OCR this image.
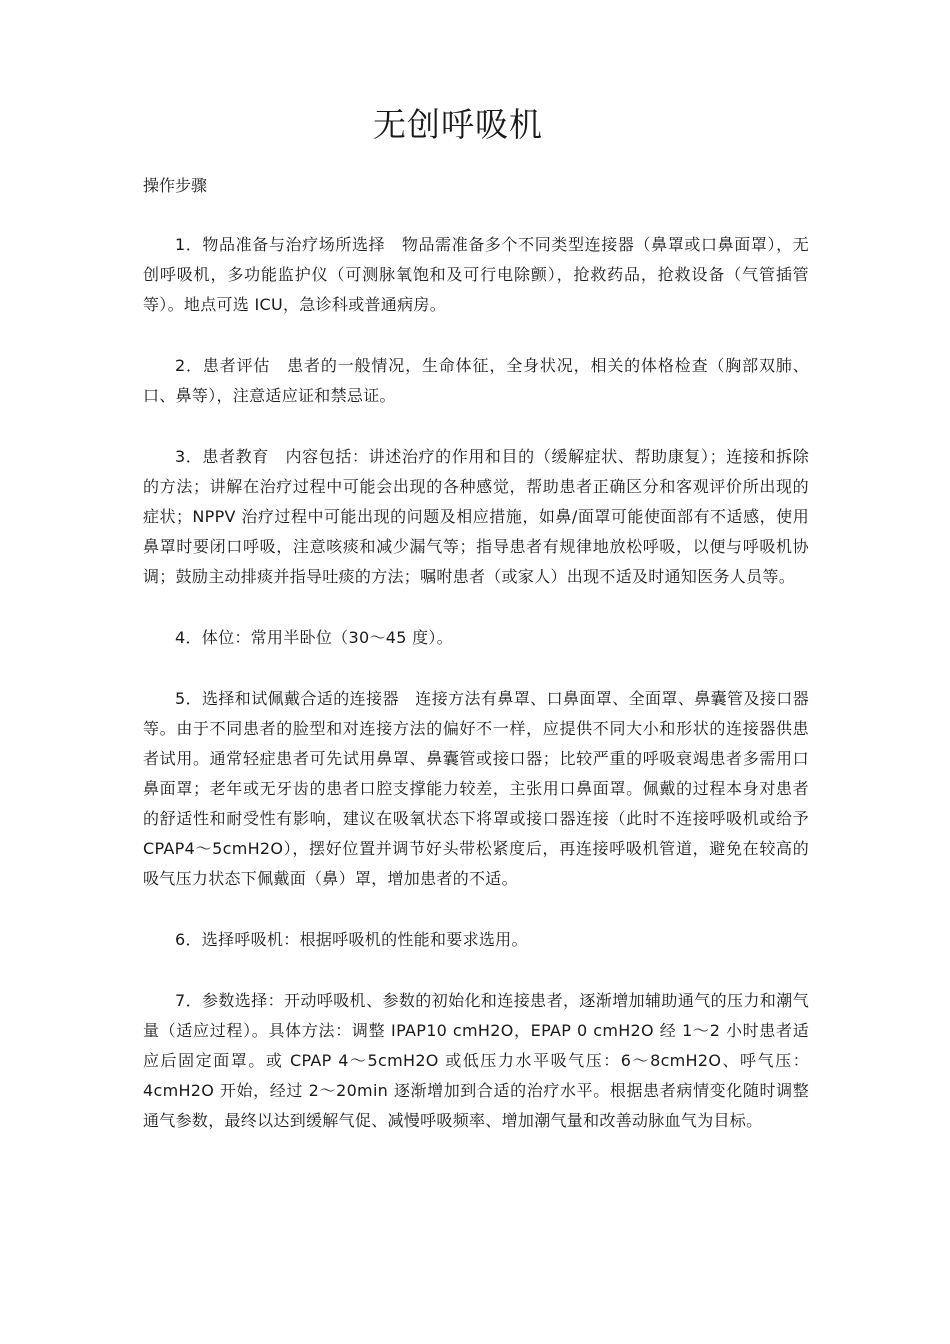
无创呼吸机

操作步骤

1．物品准备与治疗场所选择　物品需准备多个不同类型连接器（鼻罩或口鼻面罩），无创呼吸机，多功能监护仪（可测脉氧饱和及可行电除颤），抢救药品，抢救设备（气管插管等）。地点可选 ICU，急诊科或普通病房。

2．患者评估　患者的一般情况，生命体征，全身状况，相关的体格检查（胸部双肺、口、鼻等），注意适应证和禁忌证。

3．患者教育　内容包括：讲述治疗的作用和目的（缓解症状、帮助康复）；连接和拆除的方法；讲解在治疗过程中可能会出现的各种感觉，帮助患者正确区分和客观评价所出现的症状；NPPV 治疗过程中可能出现的问题及相应措施，如鼻/面罩可能使面部有不适感，使用鼻罩时要闭口呼吸，注意咳痰和减少漏气等；指导患者有规律地放松呼吸，以便与呼吸机协调；鼓励主动排痰并指导吐痰的方法；嘱咐患者（或家人）出现不适及时通知医务人员等。

4．体位：常用半卧位（30～45 度）。

5．选择和试佩戴合适的连接器　连接方法有鼻罩、口鼻面罩、全面罩、鼻囊管及接口器等。由于不同患者的脸型和对连接方法的偏好不一样，应提供不同大小和形状的连接器供患者试用。通常轻症患者可先试用鼻罩、鼻囊管或接口器；比较严重的呼吸衰竭患者多需用口鼻面罩；老年或无牙齿的患者口腔支撑能力较差，主张用口鼻面罩。佩戴的过程本身对患者的舒适性和耐受性有影响，建议在吸氧状态下将罩或接口器连接（此时不连接呼吸机或给予 CPAP4～5cmH2O），摆好位置并调节好头带松紧度后，再连接呼吸机管道，避免在较高的吸气压力状态下佩戴面（鼻）罩，增加患者的不适。

6．选择呼吸机：根据呼吸机的性能和要求选用。

7．参数选择：开动呼吸机、参数的初始化和连接患者，逐渐增加辅助通气的压力和潮气量（适应过程）。具体方法：调整 IPAP10 cmH2O，EPAP 0 cmH2O 经 1～2 小时患者适应后固定面罩。或 CPAP 4～5cmH2O 或低压力水平吸气压：6～8cmH2O、呼气压：4cmH2O 开始，经过 2～20min 逐渐增加到合适的治疗水平。根据患者病情变化随时调整通气参数，最终以达到缓解气促、减慢呼吸频率、增加潮气量和改善动脉血气为目标。
